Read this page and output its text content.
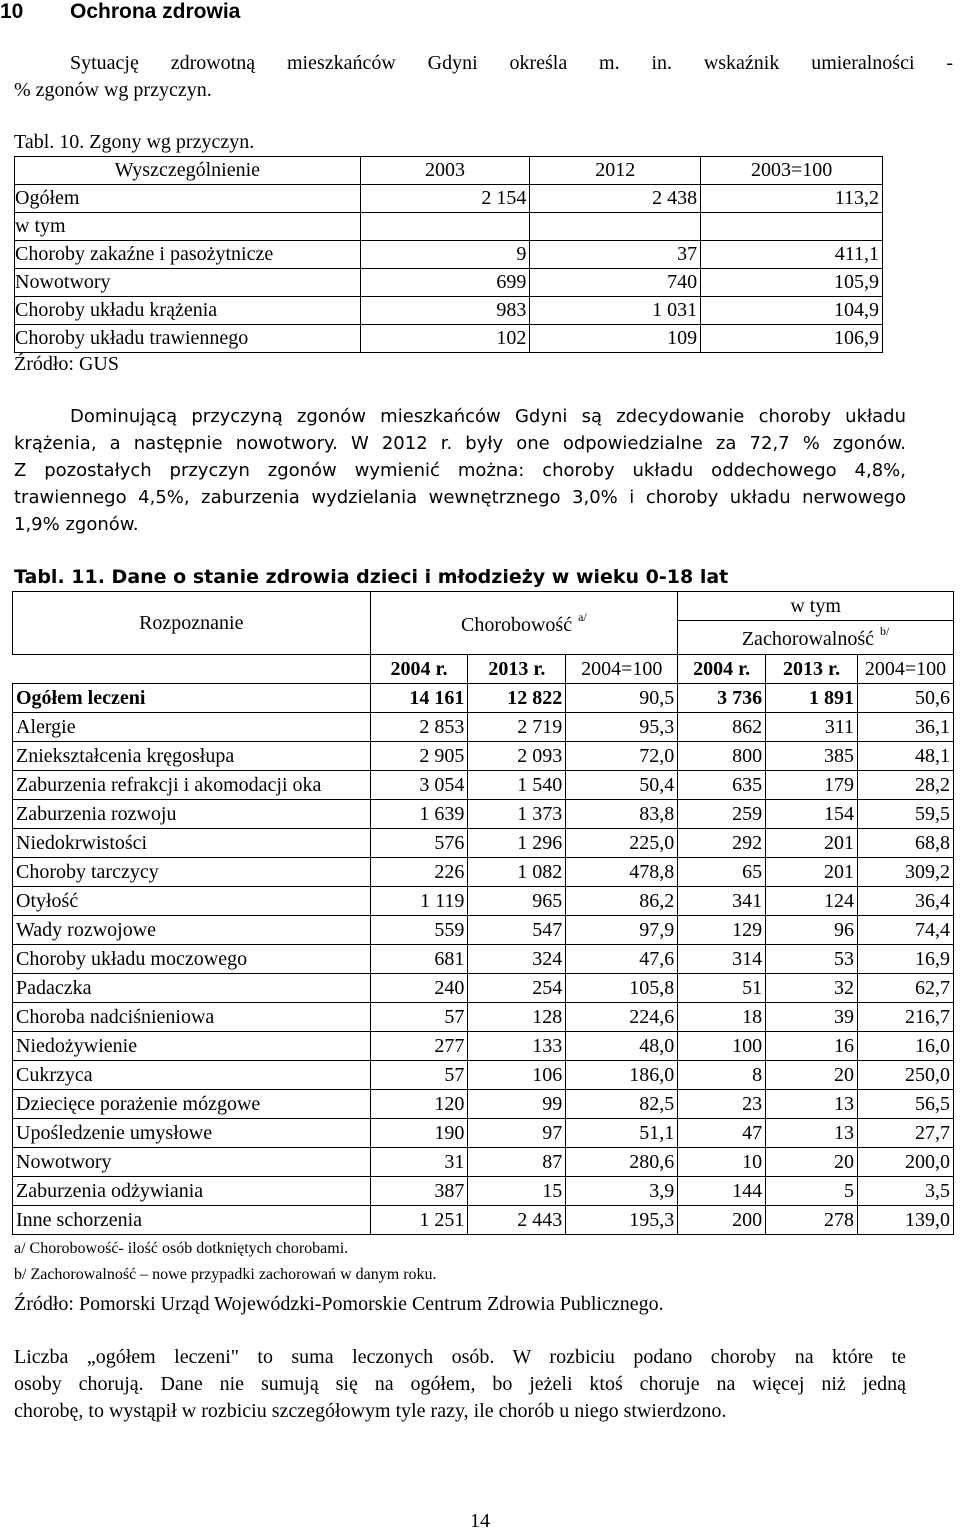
10 Ochrona zdrowia
Sytuację zdrowotną mieszkańców Gdyni określa m. in. wskaźnik umieralności -
% zgonów wg przyczyn.
Tabl. 10. Zgony wg przyczyn.
Wyszczególnienie	2003	2012	2003=100
Ogółem	2 154	2 438	113,2
w tym			
Choroby zakaźne i pasożytnicze	9	37	411,1
Nowotwory	699	740	105,9
Choroby układu krążenia	983	1 031	104,9
Choroby układu trawiennego	102	109	106,9
Źródło: GUS
Dominującą przyczyną zgonów mieszkańców Gdyni są zdecydowanie choroby układu
krążenia, a następnie nowotwory. W 2012 r. były one odpowiedzialne za 72,7 % zgonów.
Z pozostałych przyczyn zgonów wymienić można: choroby układu oddechowego 4,8%,
trawiennego 4,5%, zaburzenia wydzielania wewnętrznego 3,0% i choroby układu nerwowego
1,9% zgonów.
Tabl. 11. Dane o stanie zdrowia dzieci i młodzieży w wieku 0-18 lat
Rozpoznanie	Chorobowość $^{a/}$			w tym		
				Zachorowalność $^{b/}$
	2004 r.	2013 r.	2004=100	2004 r.	2013 r.	2004=100
Ogółem leczeni	14 161	12 822	90,5	3 736	1 891	50,6
Alergie	2 853	2 719	95,3	862	311	36,1
Zniekształcenia kręgosłupa	2 905	2 093	72,0	800	385	48,1
Zaburzenia refrakcji i akomodacji oka	3 054	1 540	50,4	635	179	28,2
Zaburzenia rozwoju	1 639	1 373	83,8	259	154	59,5
Niedokrwistości	576	1 296	225,0	292	201	68,8
Choroby tarczycy	226	1 082	478,8	65	201	309,2
Otyłość	1 119	965	86,2	341	124	36,4
Wady rozwojowe	559	547	97,9	129	96	74,4
Choroby układu moczowego	681	324	47,6	314	53	16,9
Padaczka	240	254	105,8	51	32	62,7
Choroba nadciśnieniowa	57	128	224,6	18	39	216,7
Niedożywienie	277	133	48,0	100	16	16,0
Cukrzyca	57	106	186,0	8	20	250,0
Dziecięce porażenie mózgowe	120	99	82,5	23	13	56,5
Upośledzenie umysłowe	190	97	51,1	47	13	27,7
Nowotwory	31	87	280,6	10	20	200,0
Zaburzenia odżywiania	387	15	3,9	144	5	3,5
Inne schorzenia	1 251	2 443	195,3	200	278	139,0
a/ Chorobowość- ilość osób dotkniętych chorobami.
b/ Zachorowalność – nowe przypadki zachorowań w danym roku.
Źródło: Pomorski Urząd Wojewódzki-Pomorskie Centrum Zdrowia Publicznego.
Liczba „ogółem leczeni" to suma leczonych osób. W rozbiciu podano choroby na które te
osoby chorują. Dane nie sumują się na ogółem, bo jeżeli ktoś choruje na więcej niż jedną
chorobę, to wystąpił w rozbiciu szczegółowym tyle razy, ile chorób u niego stwierdzono.
14
